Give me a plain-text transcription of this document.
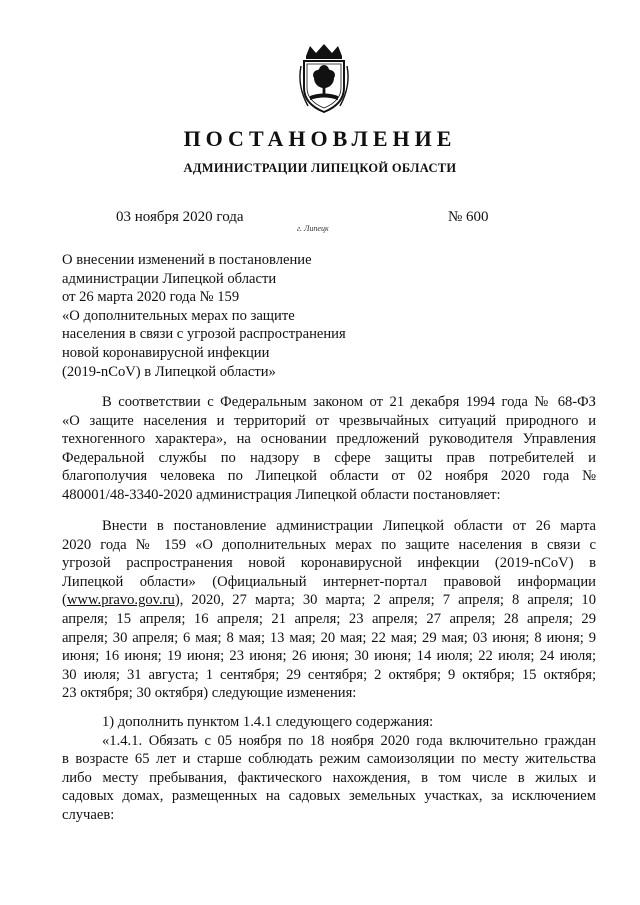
ПОСТАНОВЛЕНИЕ
АДМИНИСТРАЦИИ ЛИПЕЦКОЙ ОБЛАСТИ
03 ноября 2020 года
г. Липецк
№ 600
О внесении изменений в постановление
администрации Липецкой области
от 26 марта 2020 года № 159
«О дополнительных мерах по защите
населения в связи с угрозой распространения
новой коронавирусной инфекции
(2019-nCoV) в Липецкой области»
В соответствии с Федеральным законом от 21 декабря 1994 года № 68-ФЗ
«О защите населения и территорий от чрезвычайных ситуаций природного и
техногенного характера», на основании предложений руководителя Управления
Федеральной службы по надзору в сфере защиты прав потребителей и
благополучия человека по Липецкой области от 02 ноября 2020 года №
480001/48-3340-2020 администрация Липецкой области постановляет:
Внести в постановление администрации Липецкой области от 26 марта
2020 года № 159 «О дополнительных мерах по защите населения в связи с
угрозой распространения новой коронавирусной инфекции (2019-nCoV) в
Липецкой области» (Официальный интернет-портал правовой информации
(www.pravo.gov.ru), 2020, 27 марта; 30 марта; 2 апреля; 7 апреля; 8 апреля; 10
апреля; 15 апреля; 16 апреля; 21 апреля; 23 апреля; 27 апреля; 28 апреля; 29
апреля; 30 апреля; 6 мая; 8 мая; 13 мая; 20 мая; 22 мая; 29 мая; 03 июня; 8 июня; 9
июня; 16 июня; 19 июня; 23 июня; 26 июня; 30 июня; 14 июля; 22 июля; 24 июля;
30 июля; 31 августа; 1 сентября; 29 сентября; 2 октября; 9 октября; 15 октября;
23 октября; 30 октября) следующие изменения:
1) дополнить пунктом 1.4.1 следующего содержания:
«1.4.1. Обязать с 05 ноября по 18 ноября 2020 года включительно граждан
в возрасте 65 лет и старше соблюдать режим самоизоляции по месту жительства
либо месту пребывания, фактического нахождения, в том числе в жилых и
садовых домах, размещенных на садовых земельных участках, за исключением
случаев:
